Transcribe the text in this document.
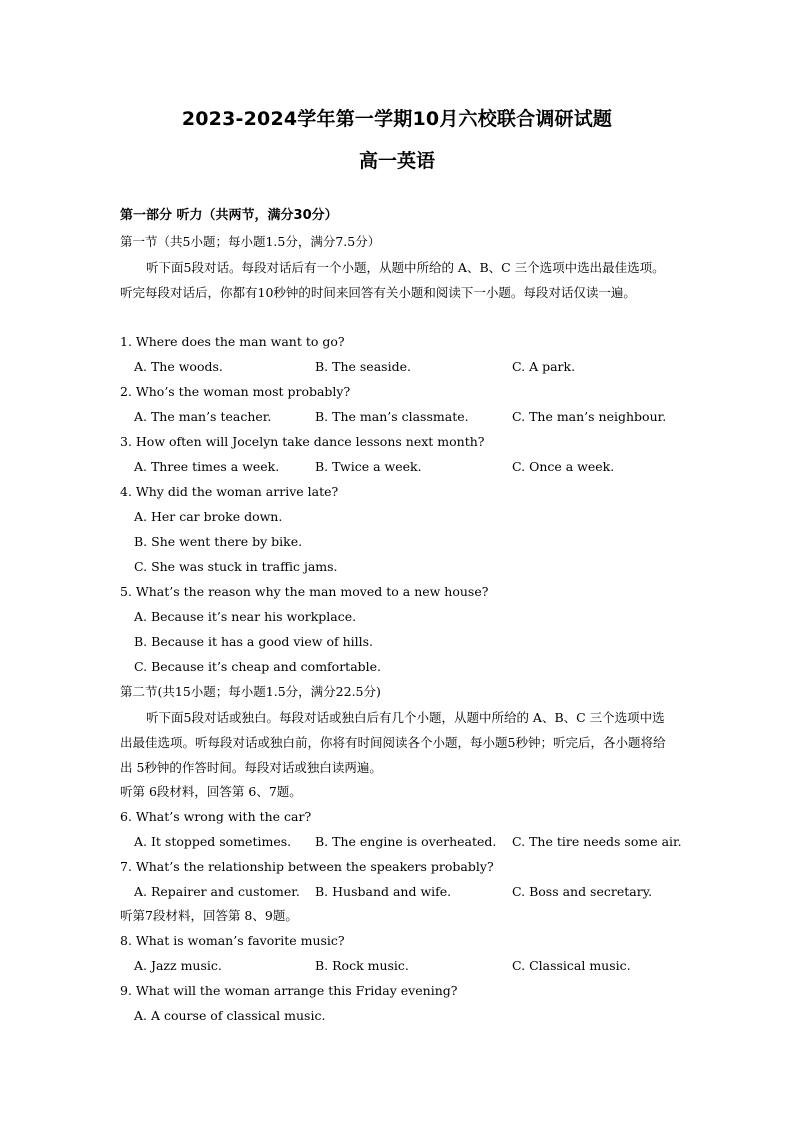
2023-2024学年第一学期10月六校联合调研试题
高一英语
第一部分 听力（共两节，满分30分）
第一节（共5小题；每小题1.5分，满分7.5分）
听下面5段对话。每段对话后有一个小题，从题中所给的 A、B、C 三个选项中选出最佳选项。听完每段对话后，你都有10秒钟的时间来回答有关小题和阅读下一小题。每段对话仅读一遍。
1. Where does the man want to go?
A. The woods.	B. The seaside.	C. A park.
2. Who’s the woman most probably?
A. The man’s teacher.	B. The man’s classmate.	C. The man’s neighbour.
3. How often will Jocelyn take dance lessons next month?
A. Three times a week.	B. Twice a week.	C. Once a week.
4. Why did the woman arrive late?
A. Her car broke down.
B. She went there by bike.
C. She was stuck in traffic jams.
5. What’s the reason why the man moved to a new house?
A. Because it’s near his workplace.
B. Because it has a good view of hills.
C. Because it’s cheap and comfortable.
第二节(共15小题；每小题1.5分，满分22.5分)
听下面5段对话或独白。每段对话或独白后有几个小题，从题中所给的 A、B、C 三个选项中选出最佳选项。听每段对话或独白前，你将有时间阅读各个小题，每小题5秒钟；听完后，各小题将给出 5秒钟的作答时间。每段对话或独白读两遍。
听第 6段材料，回答第 6、7题。
6. What’s wrong with the car?
A. It stopped sometimes. B. The engine is overheated. C. The tire needs some air.
7. What’s the relationship between the speakers probably?
A. Repairer and customer. B. Husband and wife.	C. Boss and secretary.
听第7段材料，回答第 8、9题。
8. What is woman’s favorite music?
A. Jazz music.	B. Rock music.	C. Classical music.
9. What will the woman arrange this Friday evening?
A. A course of classical music.
